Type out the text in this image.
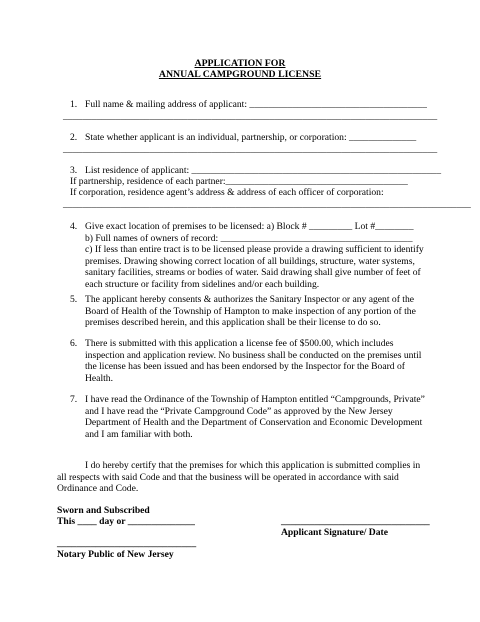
APPLICATION FOR
ANNUAL CAMPGROUND LICENSE
1. Full name & mailing address of applicant: _____________________________________
______________________________________________________________________________
2. State whether applicant is an individual, partnership, or corporation: ______________
______________________________________________________________________________
3. List residence of applicant: ____________________________________________________
If partnership, residence of each partner:______________________________________
If corporation, residence agent’s address & address of each officer of corporation:
_____________________________________________________________________________________
4. Give exact location of premises to be licensed: a) Block # _________ Lot #________
b) Full names of owners of record: ________________________________________
c) If less than entire tract is to be licensed please provide a drawing sufficient to identify
premises. Drawing showing correct location of all buildings, structure, water systems,
sanitary facilities, streams or bodies of water. Said drawing shall give number of feet of
each structure or facility from sidelines and/or each building.
5. The applicant hereby consents & authorizes the Sanitary Inspector or any agent of the
Board of Health of the Township of Hampton to make inspection of any portion of the
premises described herein, and this application shall be their license to do so.
6. There is submitted with this application a license fee of $500.00, which includes
inspection and application review. No business shall be conducted on the premises until
the license has been issued and has been endorsed by the Inspector for the Board of
Health.
7. I have read the Ordinance of the Township of Hampton entitled “Campgrounds, Private”
and I have read the “Private Campground Code” as approved by the New Jersey
Department of Health and the Department of Conservation and Economic Development
and I am familiar with both.
I do hereby certify that the premises for which this application is submitted complies in
all respects with said Code and that the business will be operated in accordance with said
Ordinance and Code.
Sworn and Subscribed
This ____ day or ______________	_______________________________
Applicant Signature/ Date
_____________________________
Notary Public of New Jersey
